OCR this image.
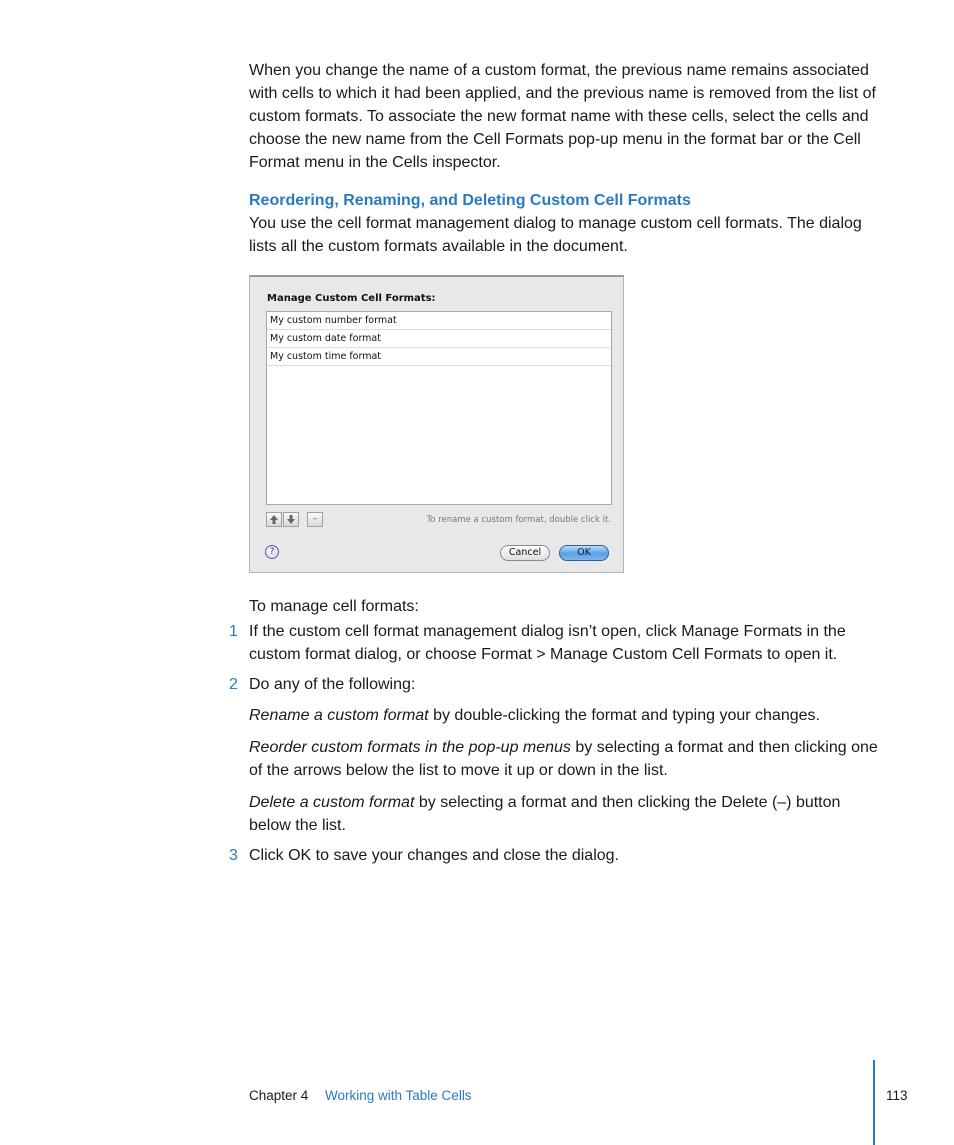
When you change the name of a custom format, the previous name remains associated with cells to which it had been applied, and the previous name is removed from the list of custom formats. To associate the new format name with these cells, select the cells and choose the new name from the Cell Formats pop-up menu in the format bar or the Cell Format menu in the Cells inspector.

Reordering, Renaming, and Deleting Custom Cell Formats

You use the cell format management dialog to manage custom cell formats. The dialog lists all the custom formats available in the document.

Manage Custom Cell Formats:
My custom number format
My custom date format
My custom time format
–	To rename a custom format, double click it.
?	Cancel	OK

To manage cell formats:

1 If the custom cell format management dialog isn’t open, click Manage Formats in the custom format dialog, or choose Format > Manage Custom Cell Formats to open it.

2 Do any of the following:

Rename a custom format by double-clicking the format and typing your changes.

Reorder custom formats in the pop-up menus by selecting a format and then clicking one of the arrows below the list to move it up or down in the list.

Delete a custom format by selecting a format and then clicking the Delete (–) button below the list.

3 Click OK to save your changes and close the dialog.

Chapter 4 Working with Table Cells	113
